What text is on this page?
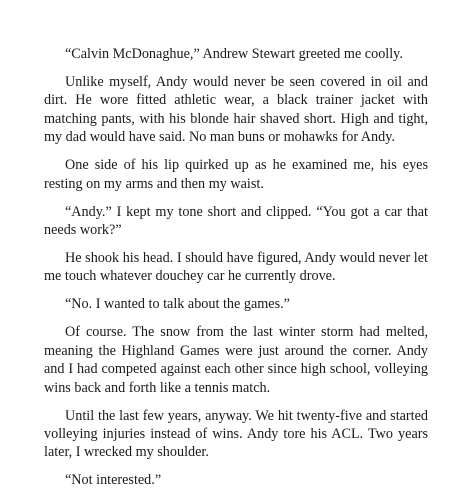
“Calvin McDonaghue,” Andrew Stewart greeted me coolly.

Unlike myself, Andy would never be seen covered in oil and dirt. He wore fitted athletic wear, a black trainer jacket with matching pants, with his blonde hair shaved short. High and tight, my dad would have said. No man buns or mohawks for Andy.

One side of his lip quirked up as he examined me, his eyes resting on my arms and then my waist.

“Andy.” I kept my tone short and clipped. “You got a car that needs work?”

He shook his head. I should have figured, Andy would never let me touch whatever douchey car he currently drove.

“No. I wanted to talk about the games.”

Of course. The snow from the last winter storm had melted, meaning the Highland Games were just around the corner. Andy and I had competed against each other since high school, volleying wins back and forth like a tennis match.

Until the last few years, anyway. We hit twenty-five and started volleying injuries instead of wins. Andy tore his ACL. Two years later, I wrecked my shoulder.

“Not interested.”
